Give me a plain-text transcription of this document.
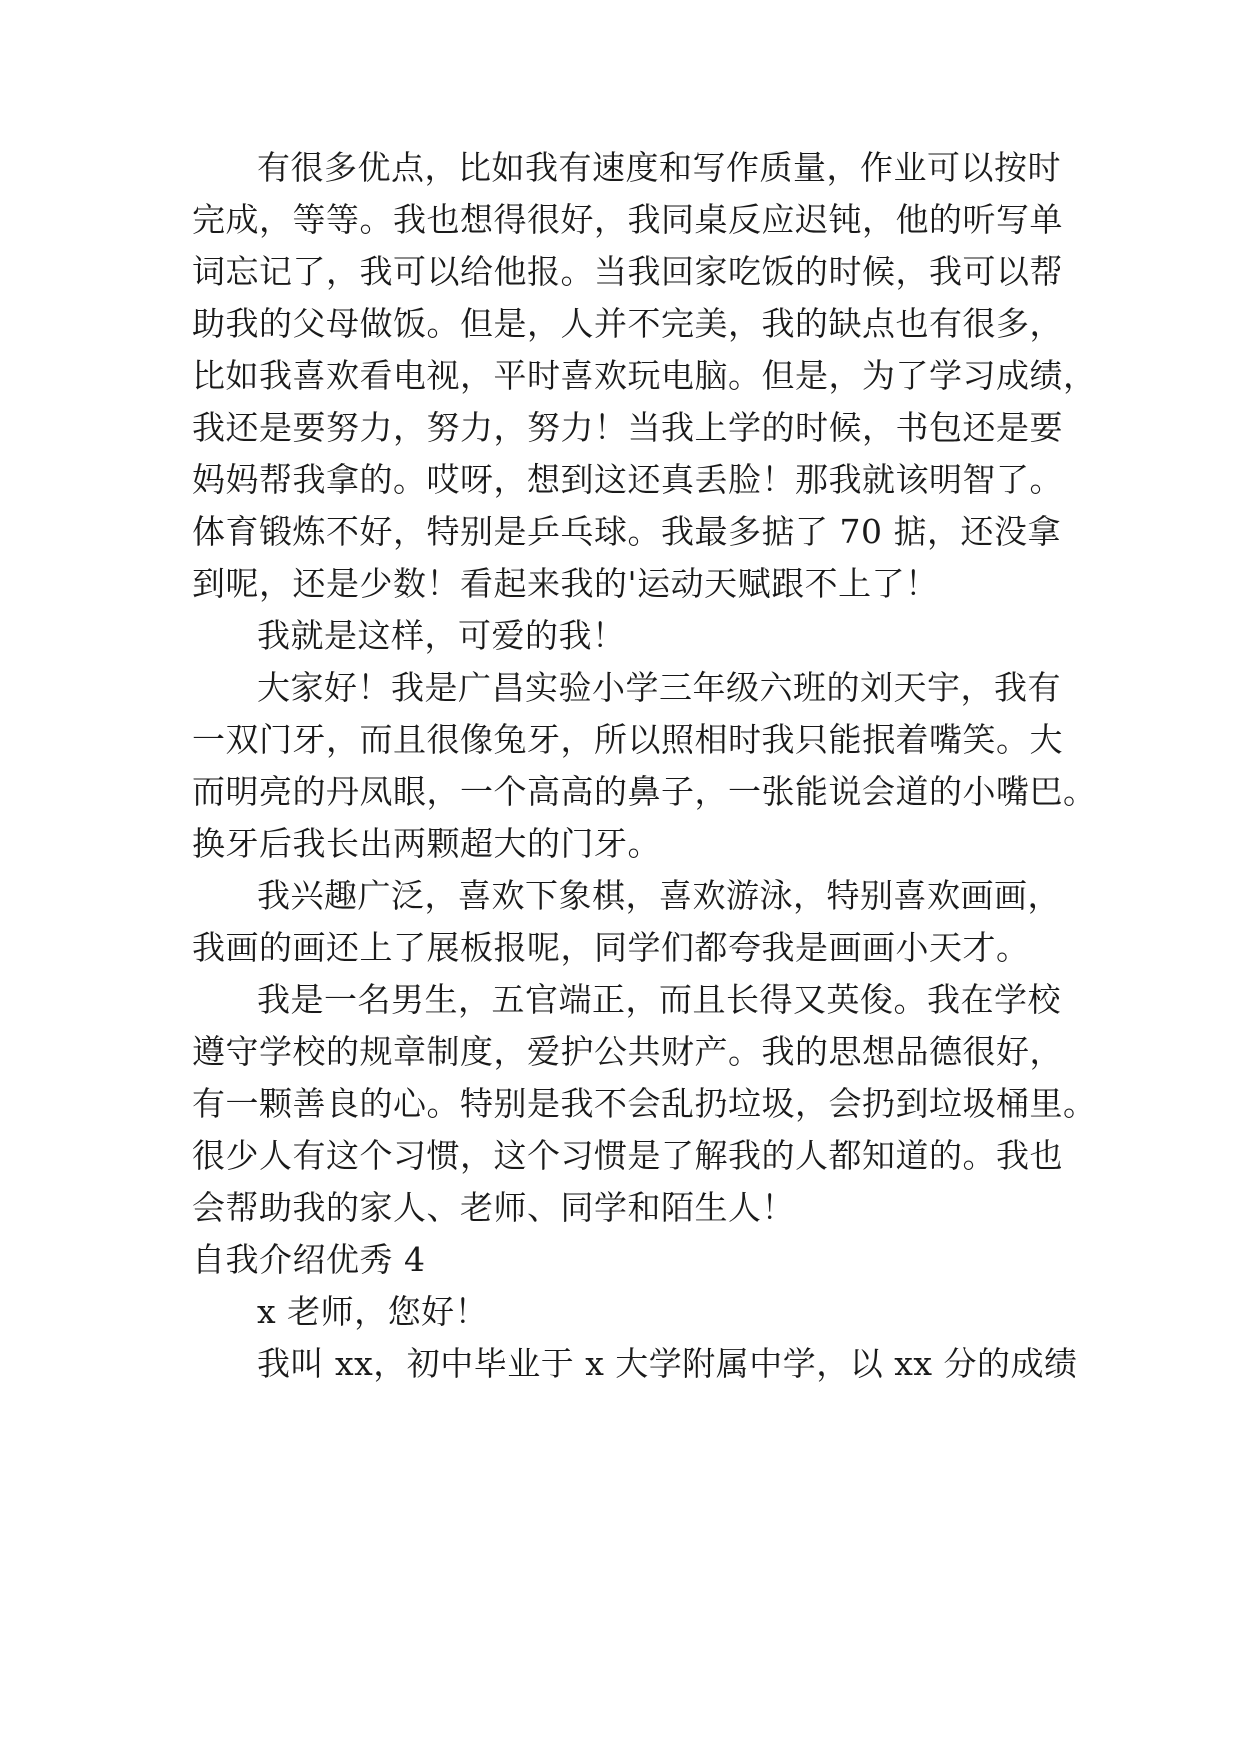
有很多优点，比如我有速度和写作质量，作业可以按时
完成，等等。我也想得很好，我同桌反应迟钝，他的听写单
词忘记了，我可以给他报。当我回家吃饭的时候，我可以帮
助我的父母做饭。但是，人并不完美，我的缺点也有很多，
比如我喜欢看电视，平时喜欢玩电脑。但是，为了学习成绩，
我还是要努力，努力，努力！当我上学的时候，书包还是要
妈妈帮我拿的。哎呀，想到这还真丢脸！那我就该明智了。
体育锻炼不好，特别是乒乓球。我最多掂了 70 掂，还没拿
到呢，还是少数！看起来我的'运动天赋跟不上了！
我就是这样，可爱的我！
大家好！我是广昌实验小学三年级六班的刘天宇，我有
一双门牙，而且很像兔牙，所以照相时我只能抿着嘴笑。大
而明亮的丹凤眼，一个高高的鼻子，一张能说会道的小嘴巴。
换牙后我长出两颗超大的门牙。
我兴趣广泛，喜欢下象棋，喜欢游泳，特别喜欢画画，
我画的画还上了展板报呢，同学们都夸我是画画小天才。
我是一名男生，五官端正，而且长得又英俊。我在学校
遵守学校的规章制度，爱护公共财产。我的思想品德很好，
有一颗善良的心。特别是我不会乱扔垃圾，会扔到垃圾桶里。
很少人有这个习惯，这个习惯是了解我的人都知道的。我也
会帮助我的家人、老师、同学和陌生人！
自我介绍优秀 4
x 老师，您好！
我叫 xx，初中毕业于 x 大学附属中学，以 xx 分的成绩
